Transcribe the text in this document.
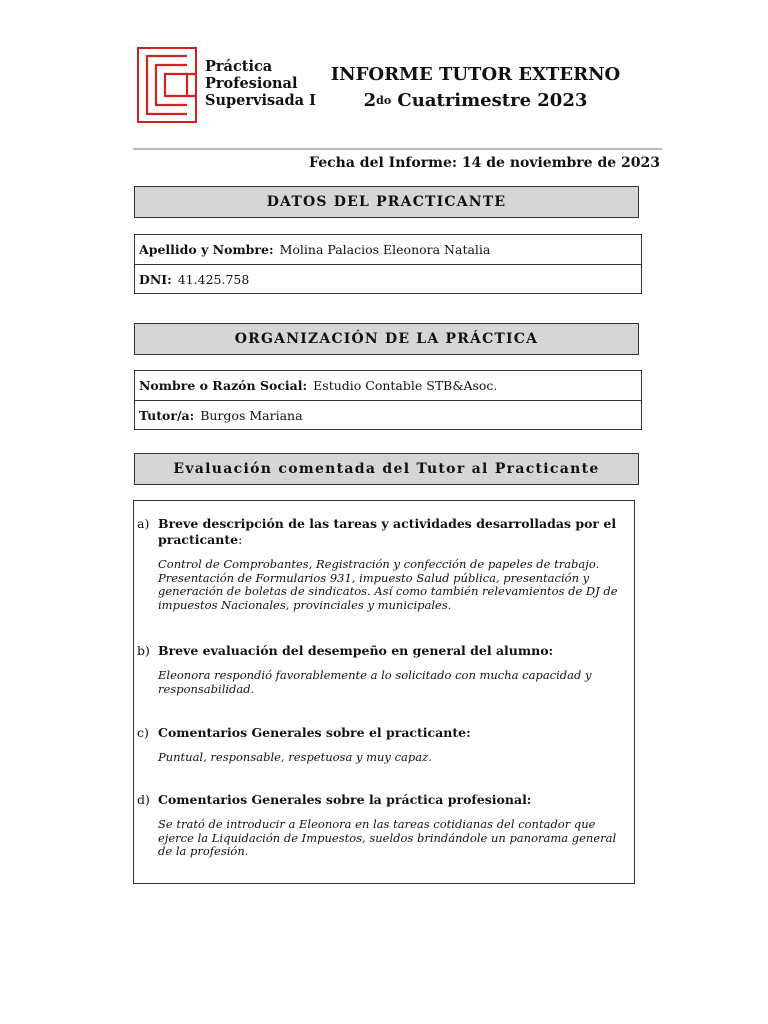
Práctica
Profesional
Supervisada I
INFORME TUTOR EXTERNO
$2^{do}$ Cuatrimestre 2023
Fecha del Informe: 14 de noviembre de 2023
DATOS DEL PRACTICANTE
Apellido y Nombre: Molina Palacios Eleonora Natalia
DNI: 41.425.758
ORGANIZACIÓN DE LA PRÁCTICA
Nombre o Razón Social: Estudio Contable STB&Asoc.
Tutor/a: Burgos Mariana
Evaluación comentada del Tutor al Practicante
a) Breve descripción de las tareas y actividades desarrolladas por el practicante:
Control de Comprobantes, Registración y confección de papeles de trabajo. Presentación de Formularios 931, impuesto Salud pública, presentación y generación de boletas de sindicatos. Así como también relevamientos de DJ de impuestos Nacionales, provinciales y municipales.
b) Breve evaluación del desempeño en general del alumno:
Eleonora respondió favorablemente a lo solicitado con mucha capacidad y responsabilidad.
c) Comentarios Generales sobre el practicante:
Puntual, responsable, respetuosa y muy capaz.
d) Comentarios Generales sobre la práctica profesional:
Se trató de introducir a Eleonora en las tareas cotidianas del contador que ejerce la Liquidación de Impuestos, sueldos brindándole un panorama general de la profesión.
